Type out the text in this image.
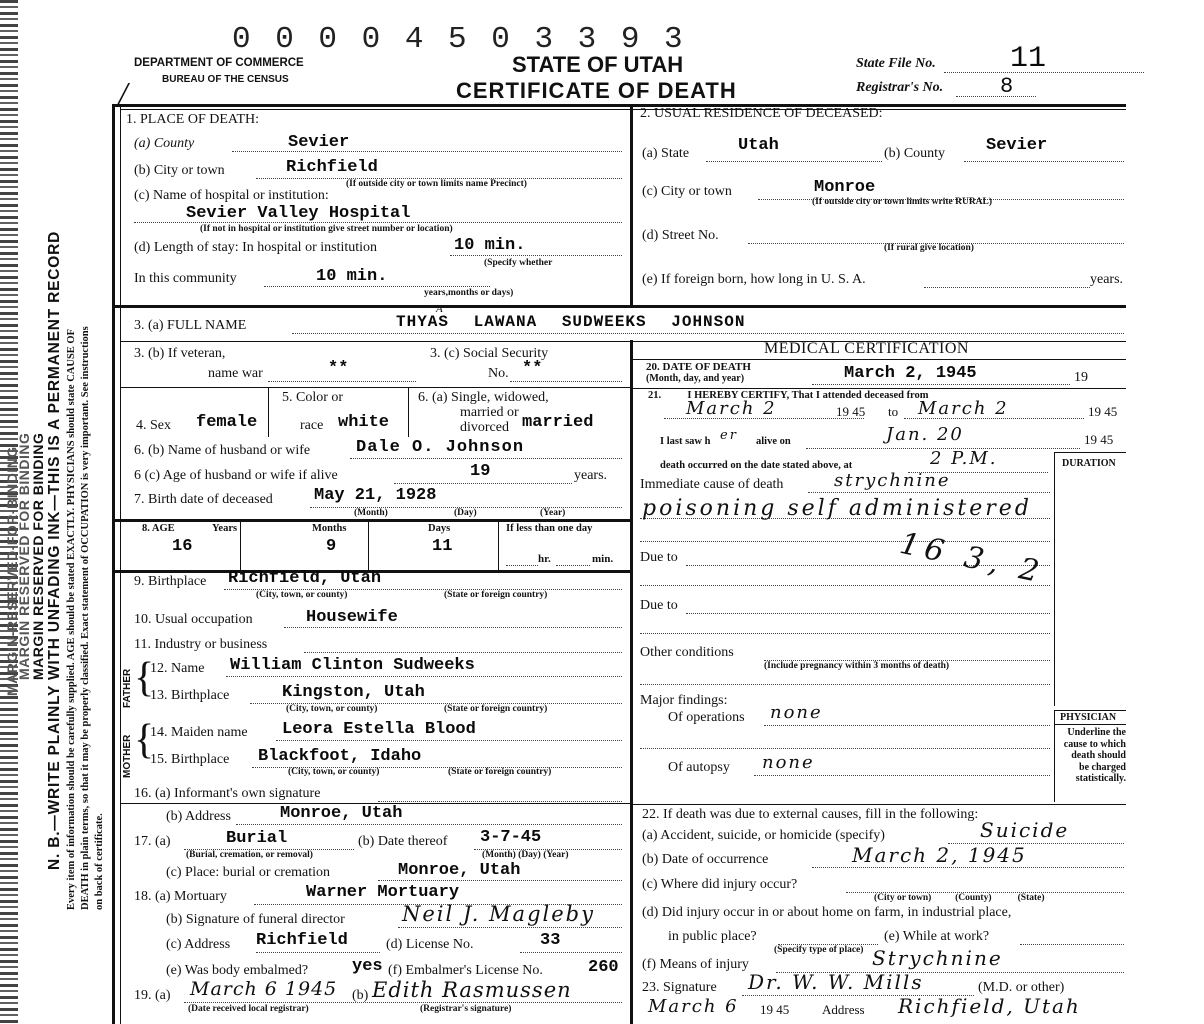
MARGIN-RESERVED-FOR-BINDING
MARGIN RESERVED FOR BINDING
MARGIN RESERVED FOR BINDING N. B.—WRITE PLAINLY WITH UNFADING INK—THIS IS A PERMANENT RECORD Every item of information should be carefully supplied. AGE should be stated EXACTLY. PHYSICIANS should state CAUSE OF DEATH in plain terms, so that it may be properly classified. Exact statement of OCCUPATION is very important. See instructions on back of certificate.
0 0 0 0 4 5 0 3 3 9 3
DEPARTMENT OF COMMERCE
BUREAU OF THE CENSUS
STATE OF UTAH
CERTIFICATE OF DEATH
State File No. 11
Registrar's No.	8
/
1. PLACE OF DEATH:
(a) County	Sevier
(b) City or town	Richfield
(If outside city or town limits name Precinct)
(c) Name of hospital or institution:
Sevier Valley Hospital
(If not in hospital or institution give street number or location)
(d) Length of stay: In hospital or institution	10 min.
(Specify whether
In this community	10 min.
years,months or days)
2. USUAL RESIDENCE OF DECEASED:
(a) State	Utah	(b) County Sevier
(c) City or town	Monroe
(If outside city or town limits write RURAL)
(d) Street No.
(If rural give location)
(e) If foreign born, how long in U. S. A.	years.
3. (a) FULL NAME	THYAS LAWANA SUDWEEKS JOHNSON
A
3. (b) If veteran,
name war	**
3. (c) Social Security
No. **
4. Sex female
5. Color or
race white
6. (a) Single, widowed,
married or
divorced married
6. (b) Name of husband or wife	Dale O. Johnson
6 (c) Age of husband or wife if alive	19	years.
7. Birth date of deceased May 21, 1928
(Month)	(Day)	(Year)
8. AGE	Years	Months	Days	If less than one day
16	9	11
hr.	min.
9. Birthplace Richfield, Utah
(City, town, or county)	(State or foreign country)
10. Usual occupation	Housewife
11. Industry or business
FATHER
MOTHER
{
{
12. Name William Clinton Sudweeks
13. Birthplace	Kingston, Utah
(City, town, or county)	(State or foreign country)
14. Maiden name Leora Estella Blood
15. Birthplace Blackfoot, Idaho
(City, town, or county)	(State or foreign country)
16. (a) Informant's own signature
(b) Address	Monroe, Utah
17. (a)	Burial
(Burial, cremation, or removal)
(b) Date thereof 3-7-45
(Month) (Day) (Year)
(c) Place: burial or cremation	Monroe, Utah
18. (a) Mortuary	Warner Mortuary
(b) Signature of funeral director	Neil J. Magleby
(c) Address Richfield	(d) License No.	33
(e) Was body embalmed?	yes (f) Embalmer's License No.	260
19. (a) March 6 1945 (b) Edith Rasmussen
(Date received local registrar)	(Registrar's signature)
MEDICAL CERTIFICATION
20. DATE OF DEATH
(Month, day, and year)	March 2, 1945	19
21.          I HEREBY CERTIFY, That I attended deceased from
March 2	19 45 to March 2	19 45
I last saw h er alive on	Jan. 20	19 45
death occurred on the date stated above, at	2 P.M.	DURATION
Immediate cause of death	strychnine
poisoning self administered
Due to	16 3, 2
Due to
Other conditions
(Include pregnancy within 3 months of death)
Major findings:
Of operations none
Of autopsy none
PHYSICIAN
Underline the cause to which death should be charged statistically.
22. If death was due to external causes, fill in the following:
(a) Accident, suicide, or homicide (specify)	Suicide
(b) Date of occurrence	March 2, 1945
(c) Where did injury occur?
(City or town)          (County)           (State)
(d) Did injury occur in or about home on farm, in industrial place,
in public place?
(Specify type of place)
(e) While at work?
(f) Means of injury	Strychnine
23. Signature Dr. W. W. Mills	(M.D. or other)
March 6 19 45	Address Richfield, Utah
